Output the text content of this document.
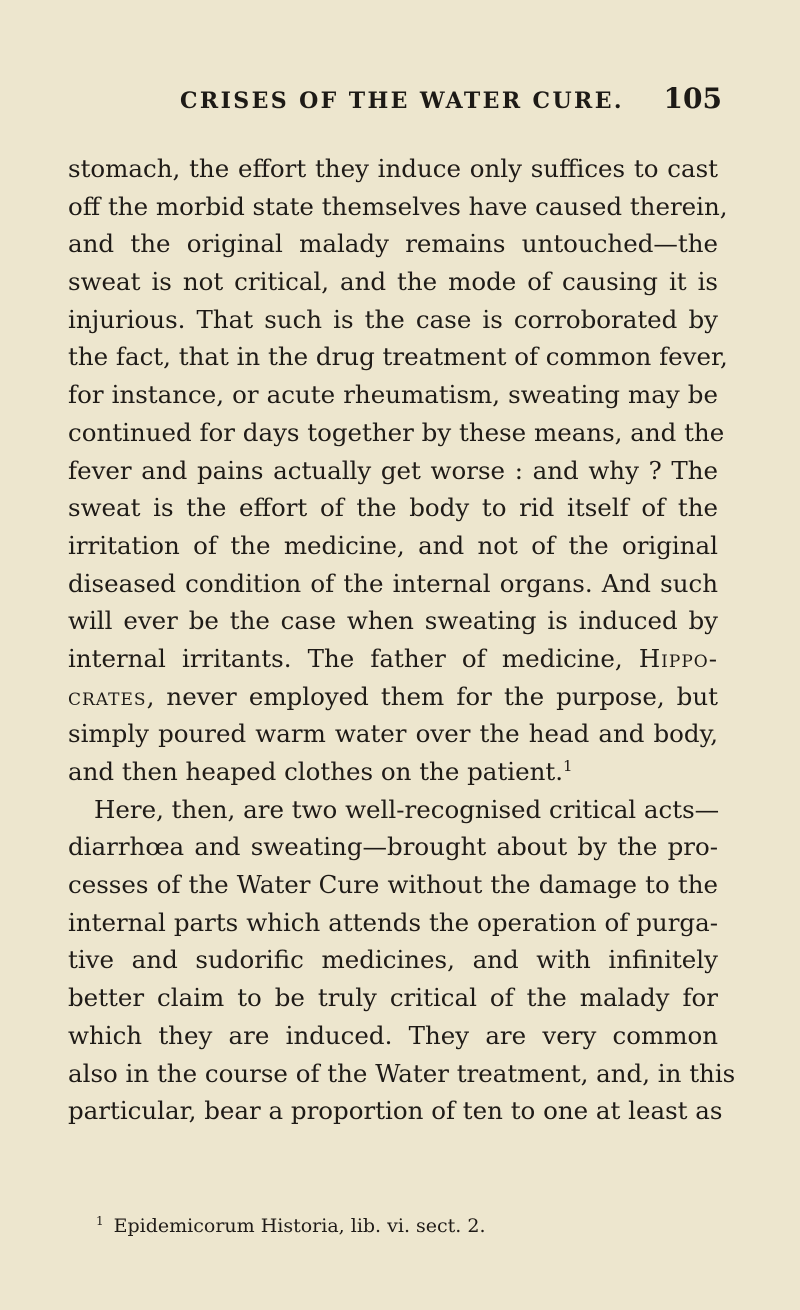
CRISES OF THE WATER CURE. 105
stomach, the effort they induce only suffices to cast
off the morbid state themselves have caused therein,
and the original malady remains untouched—the
sweat is not critical, and the mode of causing it is
injurious. That such is the case is corroborated by
the fact, that in the drug treatment of common fever,
for instance, or acute rheumatism, sweating may be
continued for days together by these means, and the
fever and pains actually get worse : and why ? The
sweat is the effort of the body to rid itself of the
irritation of the medicine, and not of the original
diseased condition of the internal organs. And such
will ever be the case when sweating is induced by
internal irritants. The father of medicine, Hippo-
crates, never employed them for the purpose, but
simply poured warm water over the head and body,
and then heaped clothes on the patient.$^1$
Here, then, are two well-recognised critical acts—
diarrhœa and sweating—brought about by the pro-
cesses of the Water Cure without the damage to the
internal parts which attends the operation of purga-
tive and sudorific medicines, and with infinitely
better claim to be truly critical of the malady for
which they are induced. They are very common
also in the course of the Water treatment, and, in this
particular, bear a proportion of ten to one at least as
$^1$ Epidemicorum Historia, lib. vi. sect. 2.
